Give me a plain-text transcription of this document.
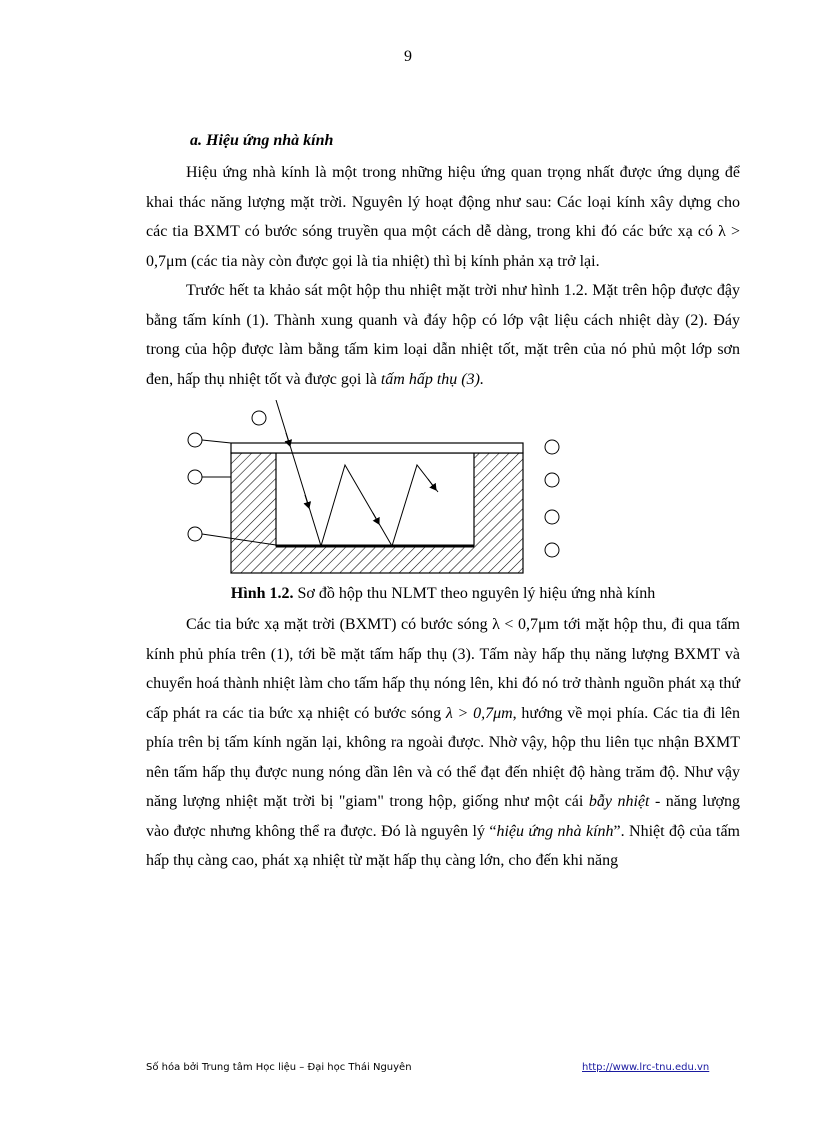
9

a. Hiệu ứng nhà kính

Hiệu ứng nhà kính là một trong những hiệu ứng quan trọng nhất được ứng dụng để khai thác năng lượng mặt trời. Nguyên lý hoạt động như sau: Các loại kính xây dựng cho các tia BXMT có bước sóng truyền qua một cách dễ dàng, trong khi đó các bức xạ có λ > 0,7μm (các tia này còn được gọi là tia nhiệt) thì bị kính phản xạ trở lại.

Trước hết ta khảo sát một hộp thu nhiệt mặt trời như hình 1.2. Mặt trên hộp được đậy bằng tấm kính (1). Thành xung quanh và đáy hộp có lớp vật liệu cách nhiệt dày (2). Đáy trong của hộp được làm bằng tấm kim loại dẫn nhiệt tốt, mặt trên của nó phủ một lớp sơn đen, hấp thụ nhiệt tốt và được gọi là tấm hấp thụ (3).

Hình 1.2. Sơ đồ hộp thu NLMT theo nguyên lý hiệu ứng nhà kính

Các tia bức xạ mặt trời (BXMT) có bước sóng λ < 0,7μm tới mặt hộp thu, đi qua tấm kính phủ phía trên (1), tới bề mặt tấm hấp thụ (3). Tấm này hấp thụ năng lượng BXMT và chuyển hoá thành nhiệt làm cho tấm hấp thụ nóng lên, khi đó nó trở thành nguồn phát xạ thứ cấp phát ra các tia bức xạ nhiệt có bước sóng λ > 0,7μm, hướng về mọi phía. Các tia đi lên phía trên bị tấm kính ngăn lại, không ra ngoài được. Nhờ vậy, hộp thu liên tục nhận BXMT nên tấm hấp thụ được nung nóng dần lên và có thể đạt đến nhiệt độ hàng trăm độ. Như vậy năng lượng nhiệt mặt trời bị "giam" trong hộp, giống như một cái bẫy nhiệt - năng lượng vào được nhưng không thể ra được. Đó là nguyên lý “hiệu ứng nhà kính”. Nhiệt độ của tấm hấp thụ càng cao, phát xạ nhiệt từ mặt hấp thụ càng lớn, cho đến khi năng

Số hóa bởi Trung tâm Học liệu – Đại học Thái Nguyên	http://www.lrc-tnu.edu.vn
